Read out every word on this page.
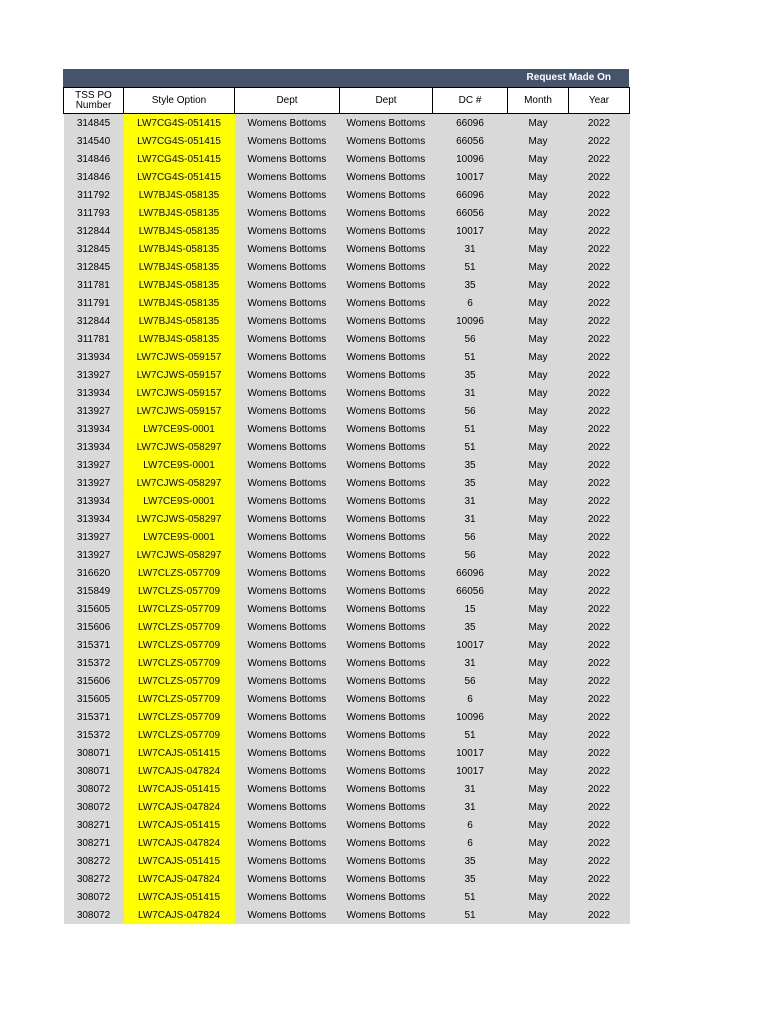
Request Made On
TSS PO
Number	Style Option	Dept	Dept	DC #	Month	Year
314845	LW7CG4S-051415	Womens Bottoms	Womens Bottoms	66096	May	2022
314540	LW7CG4S-051415	Womens Bottoms	Womens Bottoms	66056	May	2022
314846	LW7CG4S-051415	Womens Bottoms	Womens Bottoms	10096	May	2022
314846	LW7CG4S-051415	Womens Bottoms	Womens Bottoms	10017	May	2022
311792	LW7BJ4S-058135	Womens Bottoms	Womens Bottoms	66096	May	2022
311793	LW7BJ4S-058135	Womens Bottoms	Womens Bottoms	66056	May	2022
312844	LW7BJ4S-058135	Womens Bottoms	Womens Bottoms	10017	May	2022
312845	LW7BJ4S-058135	Womens Bottoms	Womens Bottoms	31	May	2022
312845	LW7BJ4S-058135	Womens Bottoms	Womens Bottoms	51	May	2022
311781	LW7BJ4S-058135	Womens Bottoms	Womens Bottoms	35	May	2022
311791	LW7BJ4S-058135	Womens Bottoms	Womens Bottoms	6	May	2022
312844	LW7BJ4S-058135	Womens Bottoms	Womens Bottoms	10096	May	2022
311781	LW7BJ4S-058135	Womens Bottoms	Womens Bottoms	56	May	2022
313934	LW7CJWS-059157	Womens Bottoms	Womens Bottoms	51	May	2022
313927	LW7CJWS-059157	Womens Bottoms	Womens Bottoms	35	May	2022
313934	LW7CJWS-059157	Womens Bottoms	Womens Bottoms	31	May	2022
313927	LW7CJWS-059157	Womens Bottoms	Womens Bottoms	56	May	2022
313934	LW7CE9S-0001	Womens Bottoms	Womens Bottoms	51	May	2022
313934	LW7CJWS-058297	Womens Bottoms	Womens Bottoms	51	May	2022
313927	LW7CE9S-0001	Womens Bottoms	Womens Bottoms	35	May	2022
313927	LW7CJWS-058297	Womens Bottoms	Womens Bottoms	35	May	2022
313934	LW7CE9S-0001	Womens Bottoms	Womens Bottoms	31	May	2022
313934	LW7CJWS-058297	Womens Bottoms	Womens Bottoms	31	May	2022
313927	LW7CE9S-0001	Womens Bottoms	Womens Bottoms	56	May	2022
313927	LW7CJWS-058297	Womens Bottoms	Womens Bottoms	56	May	2022
316620	LW7CLZS-057709	Womens Bottoms	Womens Bottoms	66096	May	2022
315849	LW7CLZS-057709	Womens Bottoms	Womens Bottoms	66056	May	2022
315605	LW7CLZS-057709	Womens Bottoms	Womens Bottoms	15	May	2022
315606	LW7CLZS-057709	Womens Bottoms	Womens Bottoms	35	May	2022
315371	LW7CLZS-057709	Womens Bottoms	Womens Bottoms	10017	May	2022
315372	LW7CLZS-057709	Womens Bottoms	Womens Bottoms	31	May	2022
315606	LW7CLZS-057709	Womens Bottoms	Womens Bottoms	56	May	2022
315605	LW7CLZS-057709	Womens Bottoms	Womens Bottoms	6	May	2022
315371	LW7CLZS-057709	Womens Bottoms	Womens Bottoms	10096	May	2022
315372	LW7CLZS-057709	Womens Bottoms	Womens Bottoms	51	May	2022
308071	LW7CAJS-051415	Womens Bottoms	Womens Bottoms	10017	May	2022
308071	LW7CAJS-047824	Womens Bottoms	Womens Bottoms	10017	May	2022
308072	LW7CAJS-051415	Womens Bottoms	Womens Bottoms	31	May	2022
308072	LW7CAJS-047824	Womens Bottoms	Womens Bottoms	31	May	2022
308271	LW7CAJS-051415	Womens Bottoms	Womens Bottoms	6	May	2022
308271	LW7CAJS-047824	Womens Bottoms	Womens Bottoms	6	May	2022
308272	LW7CAJS-051415	Womens Bottoms	Womens Bottoms	35	May	2022
308272	LW7CAJS-047824	Womens Bottoms	Womens Bottoms	35	May	2022
308072	LW7CAJS-051415	Womens Bottoms	Womens Bottoms	51	May	2022
308072	LW7CAJS-047824	Womens Bottoms	Womens Bottoms	51	May	2022
